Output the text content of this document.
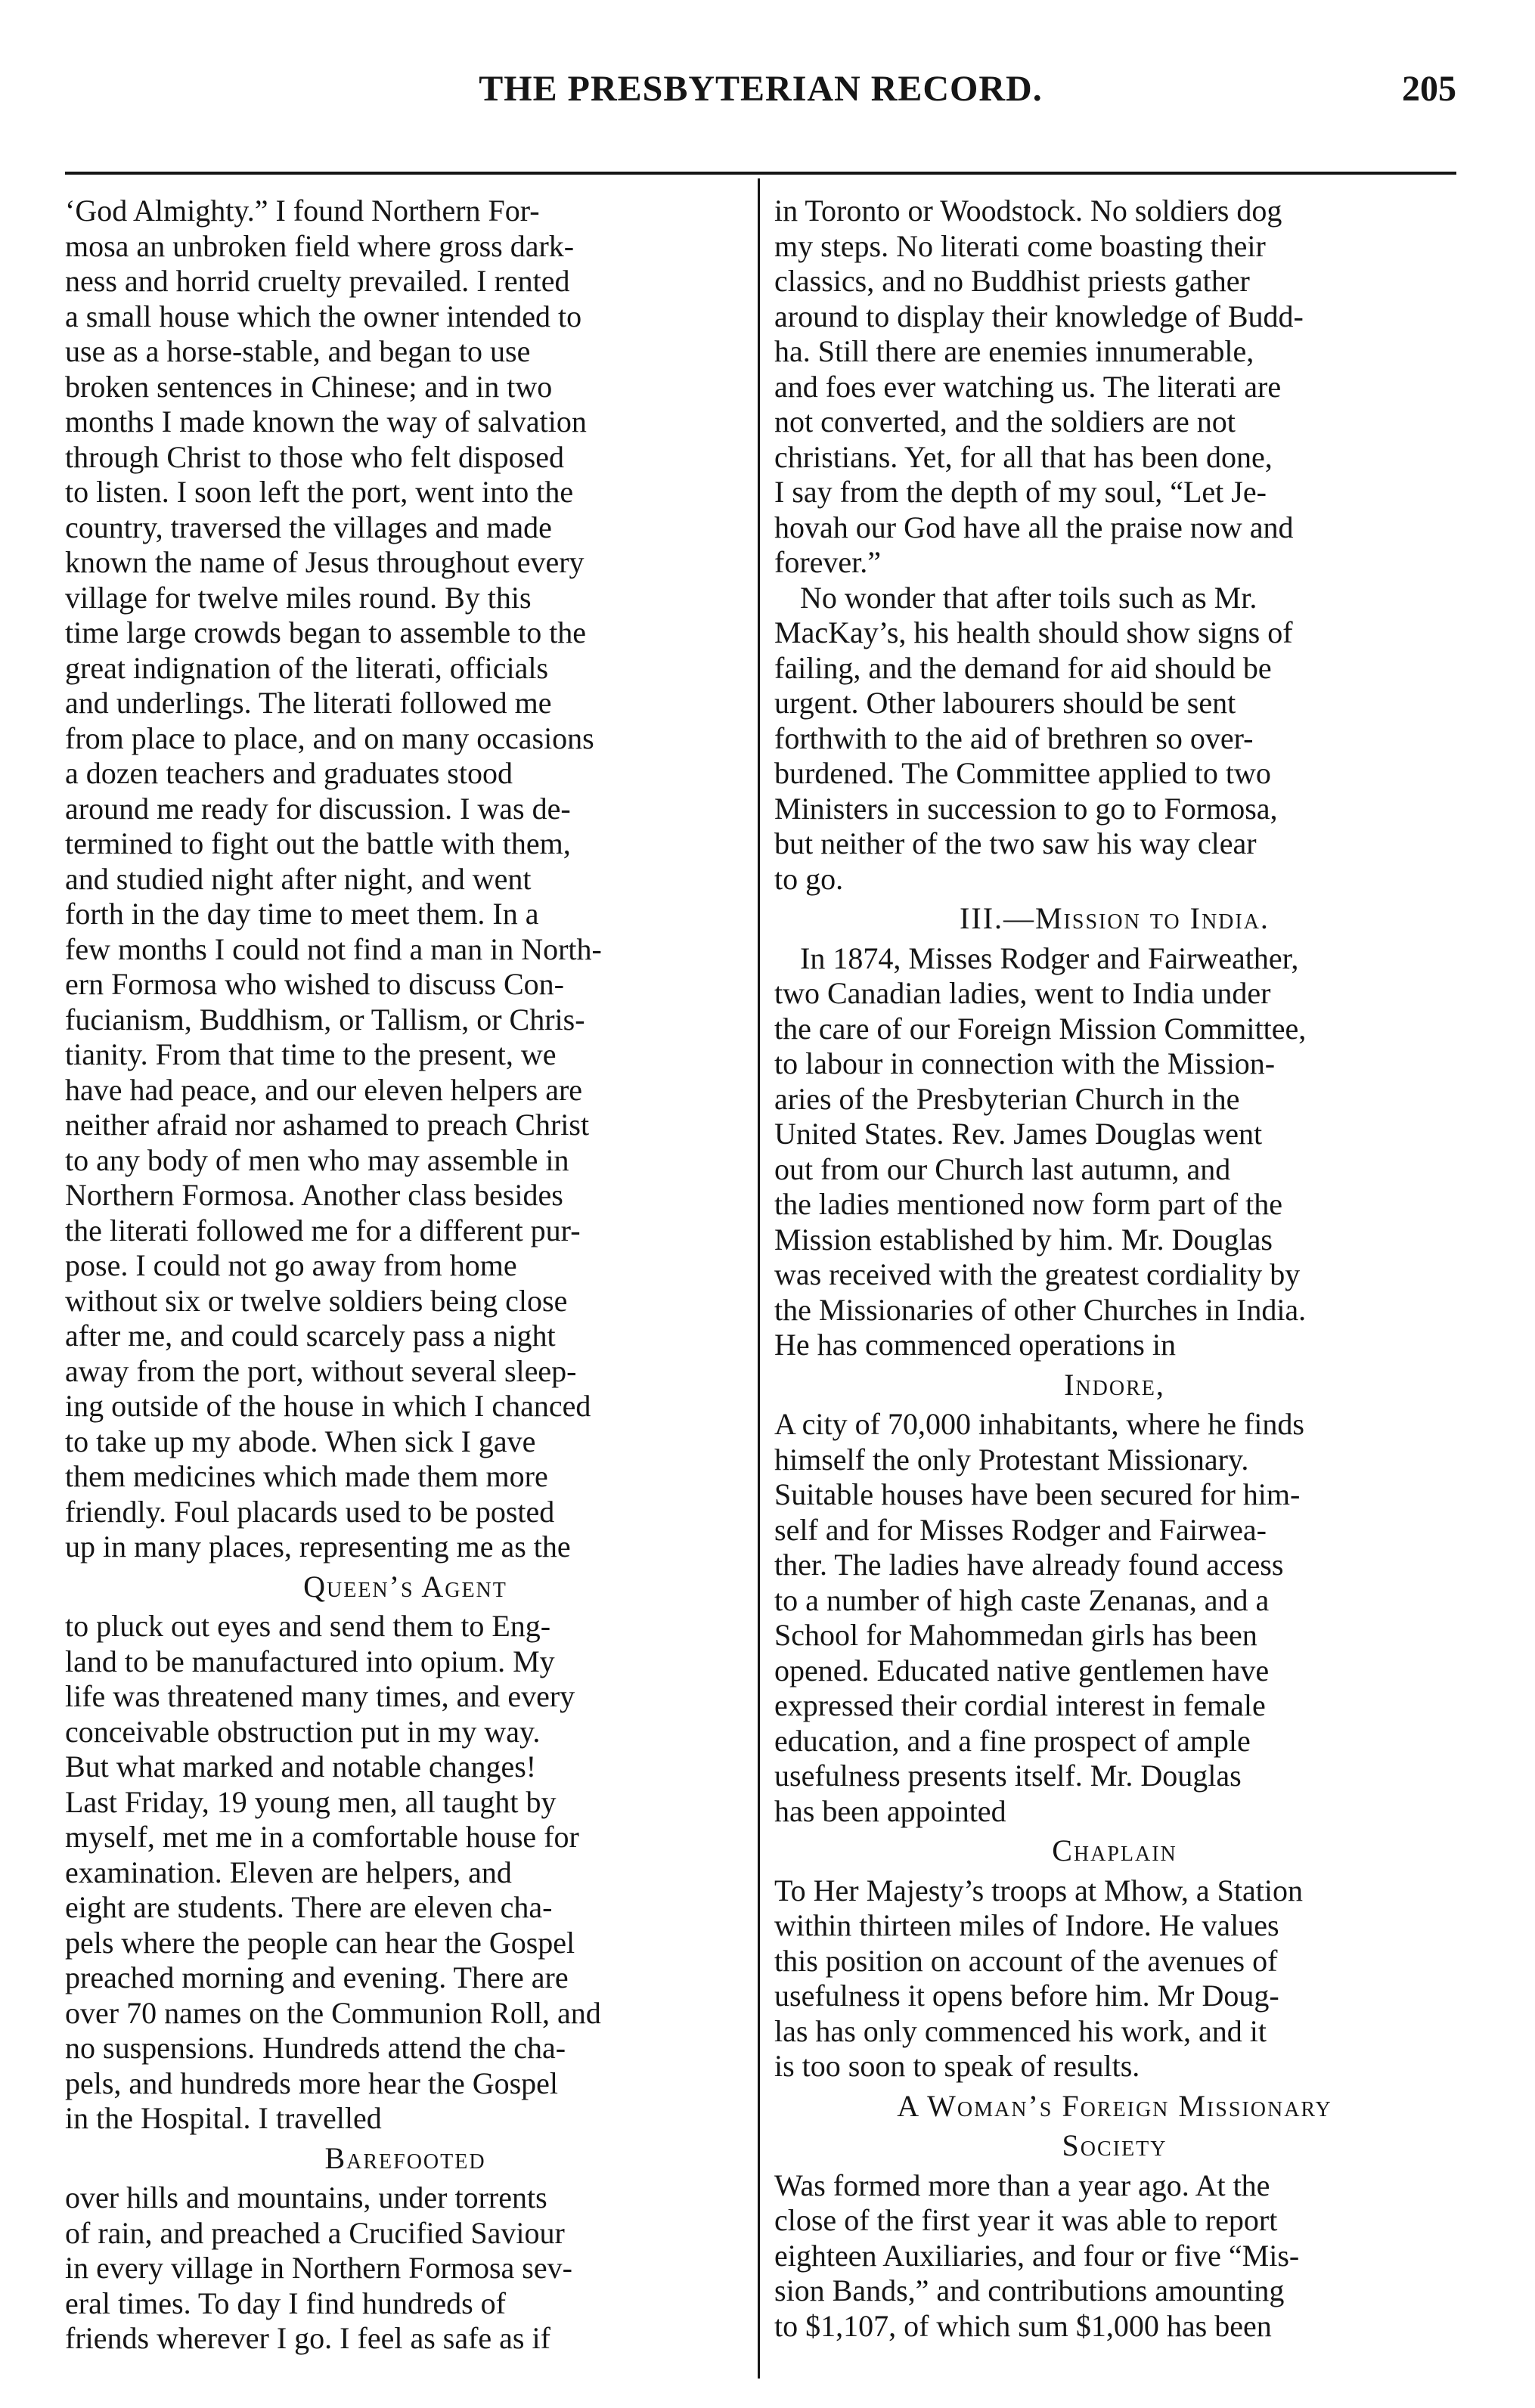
THE PRESBYTERIAN RECORD.	205
‘God Almighty.” I found Northern For-
mosa an unbroken field where gross dark-
ness and horrid cruelty prevailed. I rented
a small house which the owner intended to
use as a horse-stable, and began to use
broken sentences in Chinese; and in two
months I made known the way of salvation
through Christ to those who felt disposed
to listen. I soon left the port, went into the
country, traversed the villages and made
known the name of Jesus throughout every
village for twelve miles round. By this
time large crowds began to assemble to the
great indignation of the literati, officials
and underlings. The literati followed me
from place to place, and on many occasions
a dozen teachers and graduates stood
around me ready for discussion. I was de-
termined to fight out the battle with them,
and studied night after night, and went
forth in the day time to meet them. In a
few months I could not find a man in North-
ern Formosa who wished to discuss Con-
fucianism, Buddhism, or Tallism, or Chris-
tianity. From that time to the present, we
have had peace, and our eleven helpers are
neither afraid nor ashamed to preach Christ
to any body of men who may assemble in
Northern Formosa. Another class besides
the literati followed me for a different pur-
pose. I could not go away from home
without six or twelve soldiers being close
after me, and could scarcely pass a night
away from the port, without several sleep-
ing outside of the house in which I chanced
to take up my abode. When sick I gave
them medicines which made them more
friendly. Foul placards used to be posted
up in many places, representing me as the
Queen’s Agent
to pluck out eyes and send them to Eng-
land to be manufactured into opium. My
life was threatened many times, and every
conceivable obstruction put in my way.
But what marked and notable changes!
Last Friday, 19 young men, all taught by
myself, met me in a comfortable house for
examination. Eleven are helpers, and
eight are students. There are eleven cha-
pels where the people can hear the Gospel
preached morning and evening. There are
over 70 names on the Communion Roll, and
no suspensions. Hundreds attend the cha-
pels, and hundreds more hear the Gospel
in the Hospital. I travelled
Barefooted
over hills and mountains, under torrents
of rain, and preached a Crucified Saviour
in every village in Northern Formosa sev-
eral times. To day I find hundreds of
friends wherever I go. I feel as safe as if
in Toronto or Woodstock. No soldiers dog
my steps. No literati come boasting their
classics, and no Buddhist priests gather
around to display their knowledge of Budd-
ha. Still there are enemies innumerable,
and foes ever watching us. The literati are
not converted, and the soldiers are not
christians. Yet, for all that has been done,
I say from the depth of my soul, “Let Je-
hovah our God have all the praise now and
forever.”
No wonder that after toils such as Mr.
MacKay’s, his health should show signs of
failing, and the demand for aid should be
urgent. Other labourers should be sent
forthwith to the aid of brethren so over-
burdened. The Committee applied to two
Ministers in succession to go to Formosa,
but neither of the two saw his way clear
to go.
III.—Mission to India.
In 1874, Misses Rodger and Fairweather,
two Canadian ladies, went to India under
the care of our Foreign Mission Committee,
to labour in connection with the Mission-
aries of the Presbyterian Church in the
United States. Rev. James Douglas went
out from our Church last autumn, and
the ladies mentioned now form part of the
Mission established by him. Mr. Douglas
was received with the greatest cordiality by
the Missionaries of other Churches in India.
He has commenced operations in
Indore,
A city of 70,000 inhabitants, where he finds
himself the only Protestant Missionary.
Suitable houses have been secured for him-
self and for Misses Rodger and Fairwea-
ther. The ladies have already found access
to a number of high caste Zenanas, and a
School for Mahommedan girls has been
opened. Educated native gentlemen have
expressed their cordial interest in female
education, and a fine prospect of ample
usefulness presents itself. Mr. Douglas
has been appointed
Chaplain
To Her Majesty’s troops at Mhow, a Station
within thirteen miles of Indore. He values
this position on account of the avenues of
usefulness it opens before him. Mr Doug-
las has only commenced his work, and it
is too soon to speak of results.
A Woman’s Foreign Missionary
Society
Was formed more than a year ago. At the
close of the first year it was able to report
eighteen Auxiliaries, and four or five “Mis-
sion Bands,” and contributions amounting
to $1,107, of which sum $1,000 has been
